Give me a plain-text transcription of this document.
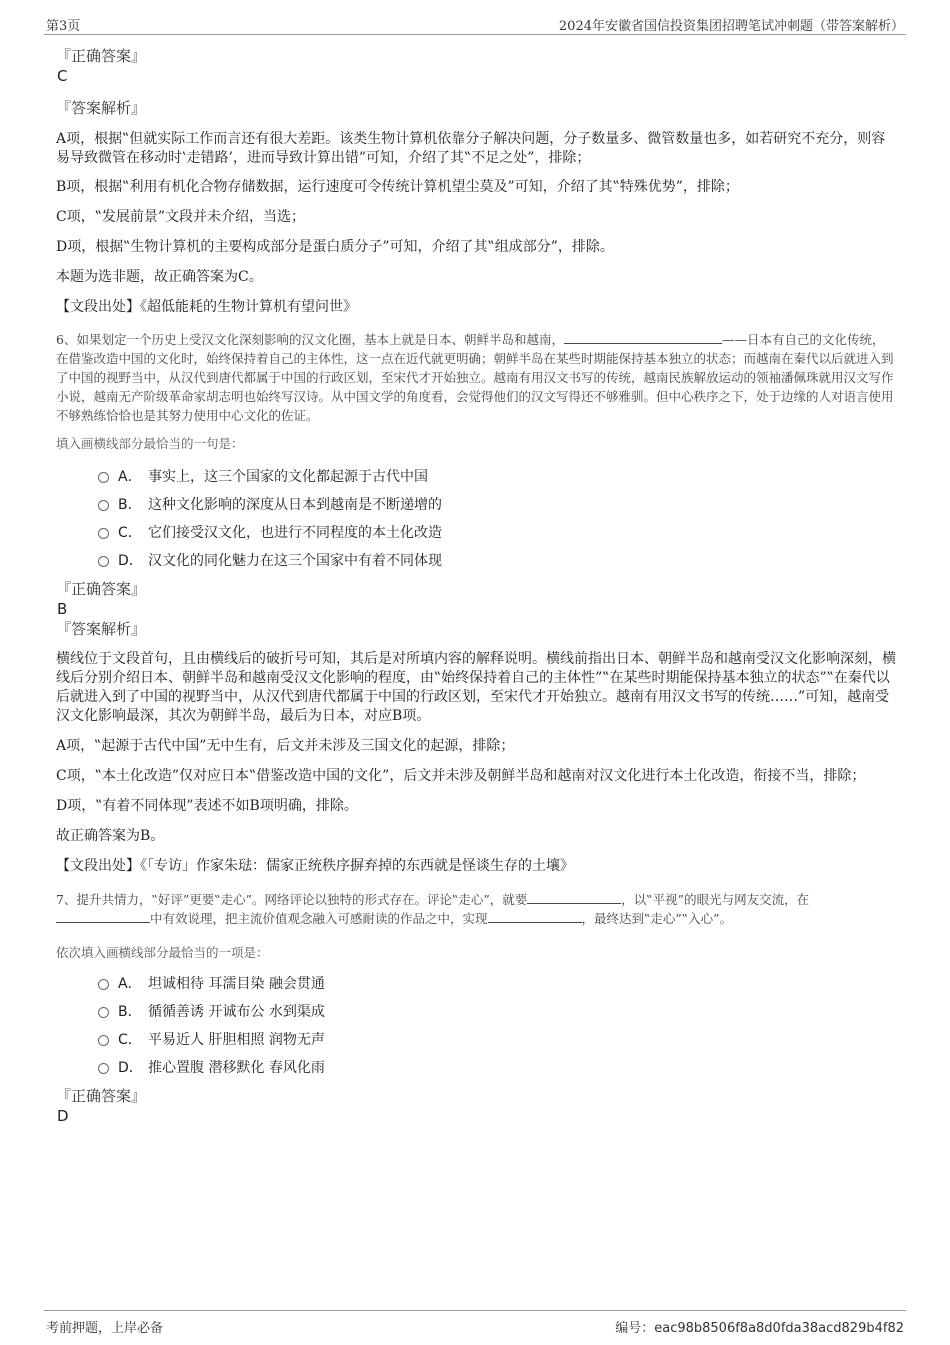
第3页	2024年安徽省国信投资集团招聘笔试冲刺题（带答案解析）
『正确答案』
C
『答案解析』

A项，根据‟但就实际工作而言还有很大差距。该类生物计算机依靠分子解决问题，分子数量多、微管数量也多，如若研究不充分，则容易导致微管在移动时‛走错路’，进而导致计算出错”可知，介绍了其‟不足之处”，排除；

B项，根据‟利用有机化合物存储数据，运行速度可令传统计算机望尘莫及”可知，介绍了其‟特殊优势”，排除；

C项，‟发展前景”文段并未介绍，当选；

D项，根据‟生物计算机的主要构成部分是蛋白质分子”可知，介绍了其‟组成部分”，排除。

本题为选非题，故正确答案为C。

【文段出处】《超低能耗的生物计算机有望问世》

6、如果划定一个历史上受汉文化深刻影响的汉文化圈，基本上就是日本、朝鲜半岛和越南，	——日本有自己的文化传统，在借鉴改造中国的文化时，始终保持着自己的主体性，这一点在近代就更明确；朝鲜半岛在某些时期能保持基本独立的状态；而越南在秦代以后就进入到了中国的视野当中，从汉代到唐代都属于中国的行政区划，至宋代才开始独立。越南有用汉文书写的传统，越南民族解放运动的领袖潘佩珠就用汉文写作小说，越南无产阶级革命家胡志明也始终写汉诗。从中国文学的角度看，会觉得他们的汉文写得还不够雅驯。但中心秩序之下，处于边缘的人对语言使用不够熟练恰恰也是其努力使用中心文化的佐证。

填入画横线部分最恰当的一句是：
A． 事实上，这三个国家的文化都起源于古代中国
B． 这种文化影响的深度从日本到越南是不断递增的
C． 它们接受汉文化，也进行不同程度的本土化改造
D． 汉文化的同化魅力在这三个国家中有着不同体现
『正确答案』
B
『答案解析』

横线位于文段首句，且由横线后的破折号可知，其后是对所填内容的解释说明。横线前指出日本、朝鲜半岛和越南受汉文化影响深刻，横线后分别介绍日本、朝鲜半岛和越南受汉文化影响的程度，由‟始终保持着自己的主体性”‟在某些时期能保持基本独立的状态”‟在秦代以后就进入到了中国的视野当中，从汉代到唐代都属于中国的行政区划，至宋代才开始独立。越南有用汉文书写的传统……”可知，越南受汉文化影响最深，其次为朝鲜半岛，最后为日本，对应B项。

A项，‟起源于古代中国”无中生有，后文并未涉及三国文化的起源，排除；

C项，‟本土化改造”仅对应日本‟借鉴改造中国的文化”，后文并未涉及朝鲜半岛和越南对汉文化进行本土化改造，衔接不当，排除；

D项，‟有着不同体现”表述不如B项明确，排除。

故正确答案为B。

【文段出处】《「专访」作家朱琺：儒家正统秩序摒弃掉的东西就是怪谈生存的土壤》

7、提升共情力，‟好评”更要‟走心”。网络评论以独特的形式存在。评论‟走心”，就要	，以‟平视”的眼光与网友交流，在
中有效说理，把主流价值观念融入可感耐读的作品之中，实现	，最终达到‟走心”‟入心”。

依次填入画横线部分最恰当的一项是：
A． 坦诚相待 耳濡目染 融会贯通
B． 循循善诱 开诚布公 水到渠成
C． 平易近人 肝胆相照 润物无声
D． 推心置腹 潜移默化 春风化雨
『正确答案』
D
考前押题，上岸必备	编号：eac98b8506f8a8d0fda38acd829b4f82
